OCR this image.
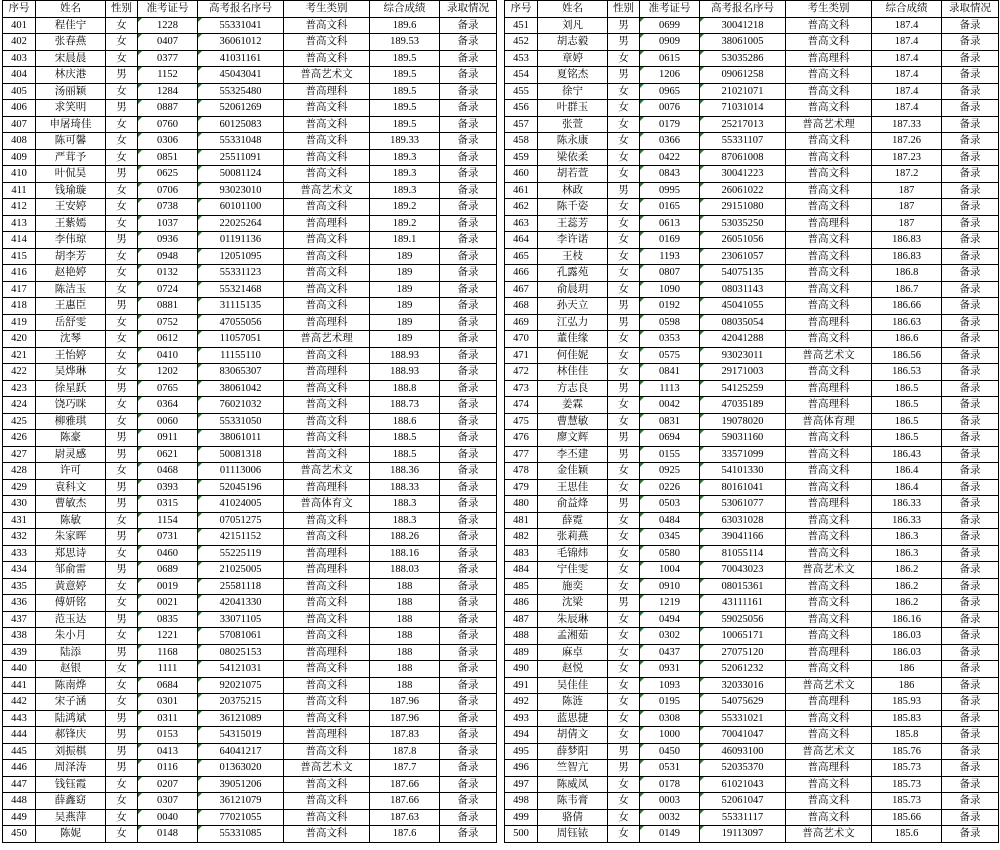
序号	姓名	性别	准考证号	高考报名序号	考生类别	综合成绩	录取情况
401	程佳宁	女	1228	55331041	普高文科	189.6	备录
402	张春燕	女	0407	36061012	普高文科	189.53	备录
403	宋晨晨	女	0377	41031161	普高文科	189.5	备录
404	林庆港	男	1152	45043041	普高艺术文	189.5	备录
405	汤丽颖	女	1284	55325480	普高理科	189.5	备录
406	求笑明	男	0887	52061269	普高文科	189.5	备录
407	申屠琦佳	女	0760	60125083	普高文科	189.5	备录
408	陈可馨	女	0306	55331048	普高文科	189.33	备录
409	严茸予	女	0851	25511091	普高文科	189.3	备录
410	叶侃昊	男	0625	50081124	普高文科	189.3	备录
411	钱瑜璇	女	0706	93023010	普高艺术文	189.3	备录
412	王安婷	女	0738	60101100	普高文科	189.2	备录
413	王紫嫣	女	1037	22025264	普高理科	189.2	备录
414	李伟琼	男	0936	01191136	普高文科	189.1	备录
415	胡李芳	女	0948	12051095	普高文科	189	备录
416	赵艳婷	女	0132	55331123	普高文科	189	备录
417	陈洁玉	女	0724	55321468	普高文科	189	备录
418	王惠臣	男	0881	31115135	普高文科	189	备录
419	岳舒雯	女	0752	47055056	普高理科	189	备录
420	沈琴	女	0612	11057051	普高艺术理	189	备录
421	王怡婷	女	0410	11155110	普高文科	188.93	备录
422	吴烨琳	女	1202	83065307	普高理科	188.93	备录
423	徐星跃	男	0765	38061042	普高文科	188.8	备录
424	饶巧咪	女	0364	76021032	普高文科	188.73	备录
425	柳雅琪	女	0060	55331050	普高文科	188.6	备录
426	陈豪	男	0911	38061011	普高文科	188.5	备录
427	尉灵感	男	0621	50081318	普高文科	188.5	备录
428	许可	女	0468	01113006	普高艺术文	188.36	备录
429	袁科文	男	0393	52045196	普高理科	188.33	备录
430	曹敏杰	男	0315	41024005	普高体育文	188.3	备录
431	陈敏	女	1154	07051275	普高文科	188.3	备录
432	朱家晖	男	0731	42151152	普高文科	188.26	备录
433	郑思诗	女	0460	55225119	普高理科	188.16	备录
434	邹俞雷	男	0689	21025005	普高理科	188.03	备录
435	黄意婷	女	0019	25581118	普高文科	188	备录
436	傅妍铭	女	0021	42041330	普高文科	188	备录
437	范玉达	男	0835	33071105	普高文科	188	备录
438	朱小月	女	1221	57081061	普高文科	188	备录
439	陆添	男	1168	08025153	普高理科	188	备录
440	赵银	女	1111	54121031	普高文科	188	备录
441	陈南烨	女	0684	92021075	普高文科	188	备录
442	宋子涵	女	0301	20375215	普高文科	187.96	备录
443	陆鸿斌	男	0311	36121089	普高文科	187.96	备录
444	郝锋庆	男	0153	54315019	普高理科	187.83	备录
445	刘振棋	男	0413	64041217	普高文科	187.8	备录
446	周泽涛	男	0116	01363020	普高艺术文	187.7	备录
447	钱钰霞	女	0207	39051206	普高文科	187.66	备录
448	薛鑫窈	女	0307	36121079	普高文科	187.66	备录
449	吴燕萍	女	0040	77021055	普高文科	187.63	备录
450	陈妮	女	0148	55331085	普高文科	187.6	备录
序号	姓名	性别	准考证号	高考报名序号	考生类别	综合成绩	录取情况
451	刘凡	男	0699	30041218	普高文科	187.4	备录
452	胡志毅	男	0909	38061005	普高文科	187.4	备录
453	章婷	女	0615	53035286	普高理科	187.4	备录
454	夏铭杰	男	1206	09061258	普高文科	187.4	备录
455	徐宁	女	0965	21021071	普高文科	187.4	备录
456	叶群玉	女	0076	71031014	普高文科	187.4	备录
457	张萱	女	0179	25217013	普高艺术理	187.33	备录
458	陈永康	女	0366	55331107	普高文科	187.26	备录
459	梁依柔	女	0422	87061008	普高文科	187.23	备录
460	胡若萱	女	0843	30041223	普高文科	187.2	备录
461	林政	男	0995	26061022	普高文科	187	备录
462	陈千姿	女	0165	29151080	普高文科	187	备录
463	王蕊芳	女	0613	53035250	普高理科	187	备录
464	李许诺	女	0169	26051056	普高文科	186.83	备录
465	王枝	女	1193	23061057	普高文科	186.83	备录
466	孔露苑	女	0807	54075135	普高文科	186.8	备录
467	俞晨玥	女	1090	08031143	普高文科	186.7	备录
468	孙天立	男	0192	45041055	普高文科	186.66	备录
469	江弘力	男	0598	08035054	普高理科	186.63	备录
470	董佳缘	女	0353	42041288	普高文科	186.6	备录
471	何佳妮	女	0575	93023011	普高艺术文	186.56	备录
472	林佳佳	女	0841	29171003	普高文科	186.53	备录
473	方志良	男	1113	54125259	普高理科	186.5	备录
474	姜霖	女	0042	47035189	普高理科	186.5	备录
475	曹慧敏	女	0831	19078020	普高体育理	186.5	备录
476	廖文辉	男	0694	59031160	普高文科	186.5	备录
477	李丕建	男	0155	33571099	普高文科	186.43	备录
478	金佳颖	女	0925	54101330	普高文科	186.4	备录
479	王思佳	女	0226	80161041	普高文科	186.4	备录
480	俞益烽	男	0503	53061077	普高理科	186.33	备录
481	薛霓	女	0484	63031028	普高文科	186.33	备录
482	张莉燕	女	0345	39041166	普高文科	186.3	备录
483	毛锦炜	女	0580	81055114	普高文科	186.3	备录
484	宁佳雯	女	1004	70043023	普高艺术文	186.2	备录
485	施奕	女	0910	08015361	普高文科	186.2	备录
486	沈梁	男	1219	43111161	普高文科	186.2	备录
487	朱辰琳	女	0494	59025056	普高文科	186.16	备录
488	孟湘茹	女	0302	10065171	普高文科	186.03	备录
489	麻卓	女	0437	27075120	普高理科	186.03	备录
490	赵悦	女	0931	52061232	普高文科	186	备录
491	吴佳佳	女	1093	32033016	普高艺术文	186	备录
492	陈涟	女	0195	54075629	普高理科	185.93	备录
493	蓝思捷	女	0308	55331021	普高文科	185.83	备录
494	胡倩文	女	1000	70041047	普高文科	185.8	备录
495	薛梦阳	男	0450	46093100	普高艺术文	185.76	备录
496	竺智亢	男	0531	52035370	普高理科	185.73	备录
497	陈威凤	女	0178	61021043	普高文科	185.73	备录
498	陈韦膏	女	0003	52061047	普高文科	185.73	备录
499	骆倩	女	0032	55331117	普高文科	185.66	备录
500	周钰铱	女	0149	19113097	普高艺术文	185.6	备录
